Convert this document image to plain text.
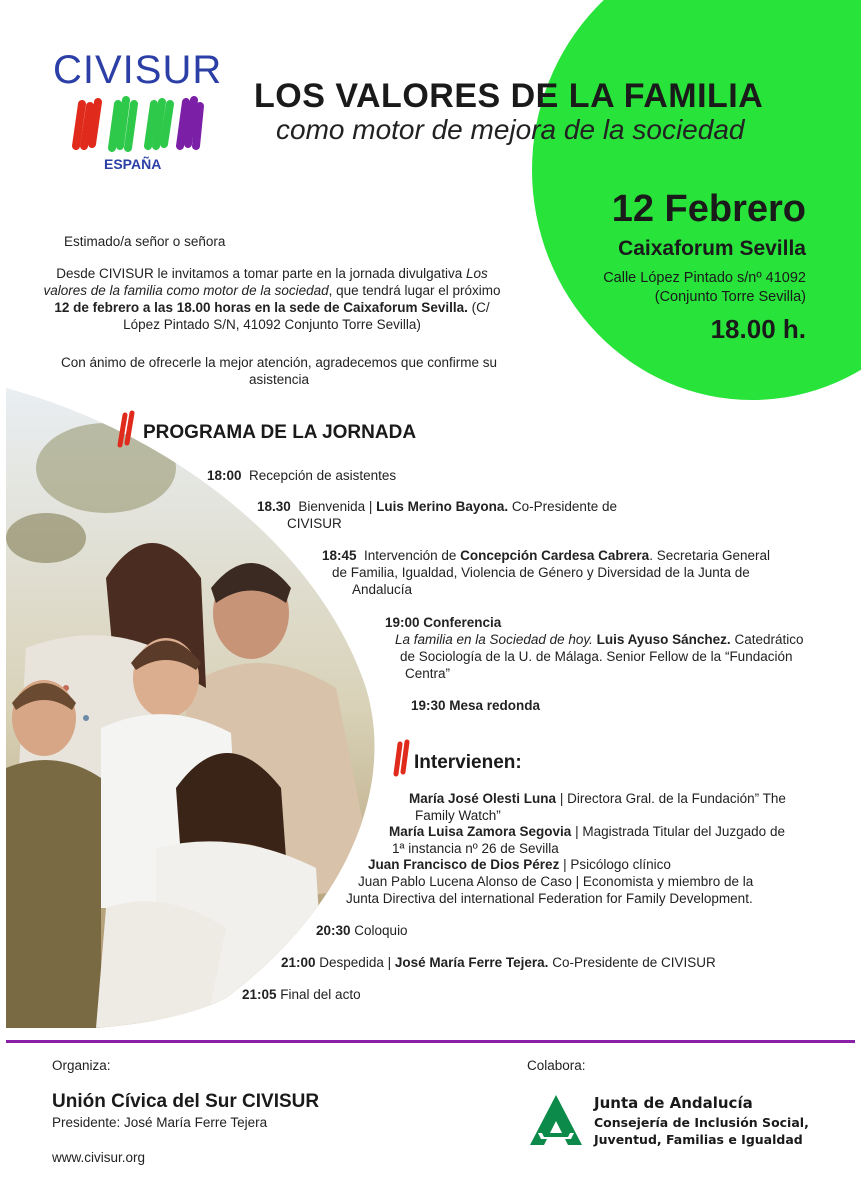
CIVISUR
ESPAÑA
LOS VALORES DE LA FAMILIA
como motor de mejora de la sociedad
12 Febrero
Caixaforum Sevilla
Calle López Pintado s/nº 41092
(Conjunto Torre Sevilla)
18.00 h.
Estimado/a señor o señora
Desde CIVISUR le invitamos a tomar parte en la jornada divulgativa Los valores de la familia como motor de la sociedad, que tendrá lugar el próximo 12 de febrero a las 18.00 horas en la sede de Caixaforum Sevilla. (C/ López Pintado S/N, 41092 Conjunto Torre Sevilla)
Con ánimo de ofrecerle la mejor atención, agradecemos que confirme su asistencia
PROGRAMA DE LA JORNADA
18:00 Recepción de asistentes
18.30 Bienvenida | Luis Merino Bayona. Co-Presidente de
CIVISUR
18:45 Intervención de Concepción Cardesa Cabrera. Secretaria General
de Familia, Igualdad, Violencia de Género y Diversidad de la Junta de
Andalucía
19:00 Conferencia
La familia en la Sociedad de hoy. Luis Ayuso Sánchez. Catedrático
de Sociología de la U. de Málaga. Senior Fellow de la “Fundación
Centra”
19:30 Mesa redonda
Intervienen:
María José Olesti Luna | Directora Gral. de la Fundación” The
Family Watch”
María Luisa Zamora Segovia | Magistrada Titular del Juzgado de
1ª instancia nº 26 de Sevilla
Juan Francisco de Dios Pérez | Psicólogo clínico
Juan Pablo Lucena Alonso de Caso | Economista y miembro de la
Junta Directiva del international Federation for Family Development.
20:30 Coloquio
21:00 Despedida | José María Ferre Tejera. Co-Presidente de CIVISUR
21:05 Final del acto
Organiza:
Unión Cívica del Sur CIVISUR
Presidente: José María Ferre Tejera
www.civisur.org
Colabora:
Junta de Andalucía
Consejería de Inclusión Social,
Juventud, Familias e Igualdad
